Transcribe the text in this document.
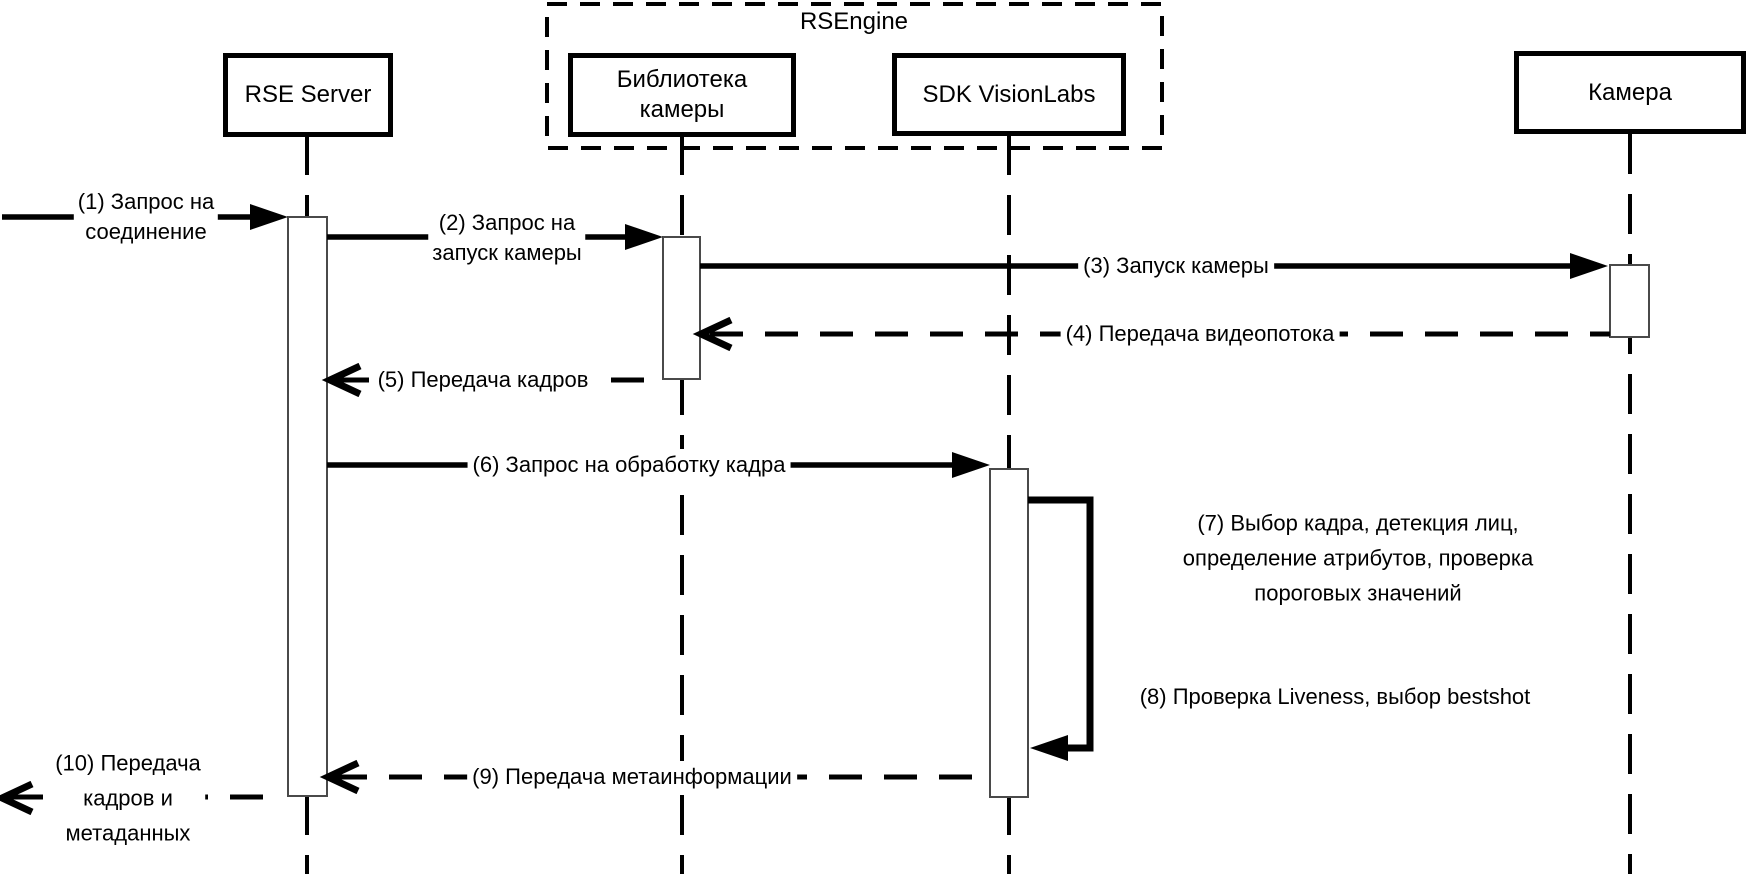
RSEngine
RSE Server
Библиотека
камеры
SDK VisionLabs	Камера
(1) Запрос на
соединение	(2) Запрос на
запуск камеры
(3) Запуск камеры
(4) Передача видеопотока
(5) Передача кадров
(6) Запрос на обработку кадра
(7) Выбор кадра, детекция лиц,
определение атрибутов, проверка
пороговых значений
(8) Проверка Liveness, выбор bestshot
(9) Передача метаинформации
(10) Передача
кадров и
метаданных
